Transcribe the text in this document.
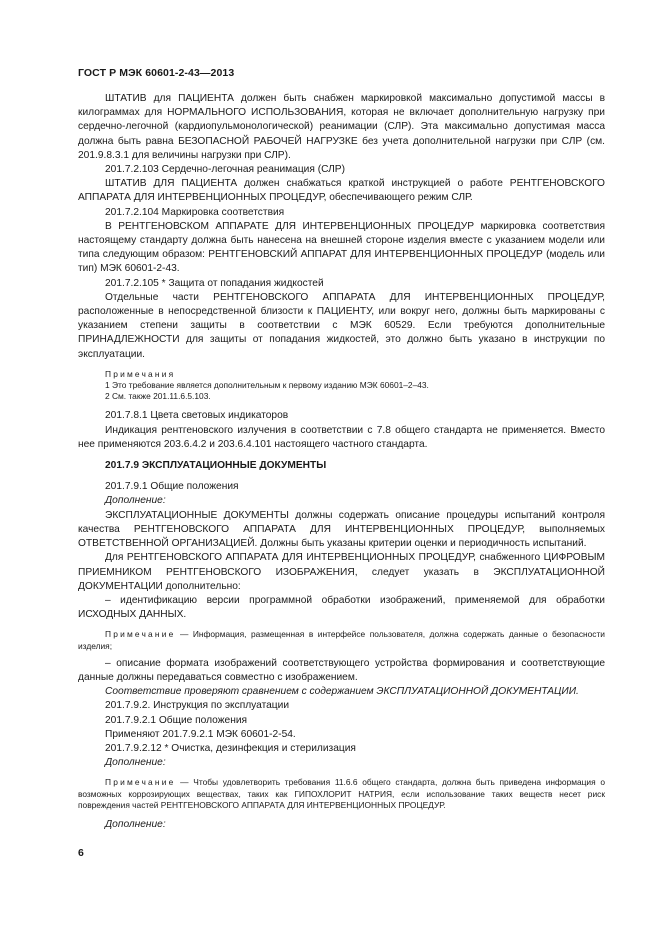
ГОСТ Р МЭК 60601-2-43—2013

ШТАТИВ для ПАЦИЕНТА должен быть снабжен маркировкой максимально допустимой массы в килограммах для НОРМАЛЬНОГО ИСПОЛЬЗОВАНИЯ, которая не включает дополнительную нагрузку при сердечно-легочной (кардиопульмонологической) реанимации (СЛР). Эта максимально допустимая масса должна быть равна БЕЗОПАСНОЙ РАБОЧЕЙ НАГРУЗКЕ без учета дополнительной нагрузки при СЛР (см. 201.9.8.3.1 для величины нагрузки при СЛР).

201.7.2.103 Сердечно-легочная реанимация (СЛР)

ШТАТИВ ДЛЯ ПАЦИЕНТА должен снабжаться краткой инструкцией о работе РЕНТГЕНОВСКОГО АППАРАТА ДЛЯ ИНТЕРВЕНЦИОННЫХ ПРОЦЕДУР, обеспечивающего режим СЛР.

201.7.2.104 Маркировка соответствия

В РЕНТГЕНОВСКОМ АППАРАТЕ ДЛЯ ИНТЕРВЕНЦИОННЫХ ПРОЦЕДУР маркировка соответствия настоящему стандарту должна быть нанесена на внешней стороне изделия вместе с указанием модели или типа следующим образом: РЕНТГЕНОВСКИЙ АППАРАТ ДЛЯ ИНТЕРВЕНЦИОННЫХ ПРОЦЕДУР (модель или тип) МЭК 60601-2-43.

201.7.2.105 * Защита от попадания жидкостей

Отдельные части РЕНТГЕНОВСКОГО АППАРАТА ДЛЯ ИНТЕРВЕНЦИОННЫХ ПРОЦЕДУР, расположенные в непосредственной близости к ПАЦИЕНТУ, или вокруг него, должны быть маркированы с указанием степени защиты в соответствии с МЭК 60529. Если требуются дополнительные ПРИНАДЛЕЖНОСТИ для защиты от попадания жидкостей, это должно быть указано в инструкции по эксплуатации.

Примечания

1 Это требование является дополнительным к первому изданию МЭК 60601–2–43.

2 См. также 201.11.6.5.103.

201.7.8.1 Цвета световых индикаторов

Индикация рентгеновского излучения в соответствии с 7.8 общего стандарта не применяется. Вместо нее применяются 203.6.4.2 и 203.6.4.101 настоящего частного стандарта.

201.7.9 ЭКСПЛУАТАЦИОННЫЕ ДОКУМЕНТЫ

201.7.9.1 Общие положения

Дополнение:

ЭКСПЛУАТАЦИОННЫЕ ДОКУМЕНТЫ должны содержать описание процедуры испытаний контроля качества РЕНТГЕНОВСКОГО АППАРАТА ДЛЯ ИНТЕРВЕНЦИОННЫХ ПРОЦЕДУР, выполняемых ОТВЕТСТВЕННОЙ ОРГАНИЗАЦИЕЙ. Должны быть указаны критерии оценки и периодичность испытаний.

Для РЕНТГЕНОВСКОГО АППАРАТА ДЛЯ ИНТЕРВЕНЦИОННЫХ ПРОЦЕДУР, снабженного ЦИФРОВЫМ ПРИЕМНИКОМ РЕНТГЕНОВСКОГО ИЗОБРАЖЕНИЯ, следует указать в ЭКСПЛУАТАЦИОННОЙ ДОКУМЕНТАЦИИ дополнительно:

– идентификацию версии программной обработки изображений, применяемой для обработки ИСХОДНЫХ ДАННЫХ.

Примечание — Информация, размещенная в интерфейсе пользователя, должна содержать данные о безопасности изделия;

– описание формата изображений соответствующего устройства формирования и соответствующие данные должны передаваться совместно с изображением.

Соответствие проверяют сравнением с содержанием ЭКСПЛУАТАЦИОННОЙ ДОКУМЕНТАЦИИ.

201.7.9.2. Инструкция по эксплуатации

201.7.9.2.1 Общие положения

Применяют 201.7.9.2.1 МЭК 60601-2-54.

201.7.9.2.12 * Очистка, дезинфекция и стерилизация

Дополнение:

Примечание — Чтобы удовлетворить требования 11.6.6 общего стандарта, должна быть приведена информация о возможных коррозирующих веществах, таких как ГИПОХЛОРИТ НАТРИЯ, если использование таких веществ несет риск повреждения частей РЕНТГЕНОВСКОГО АППАРАТА ДЛЯ ИНТЕРВЕНЦИОННЫХ ПРОЦЕДУР.

Дополнение:

6
